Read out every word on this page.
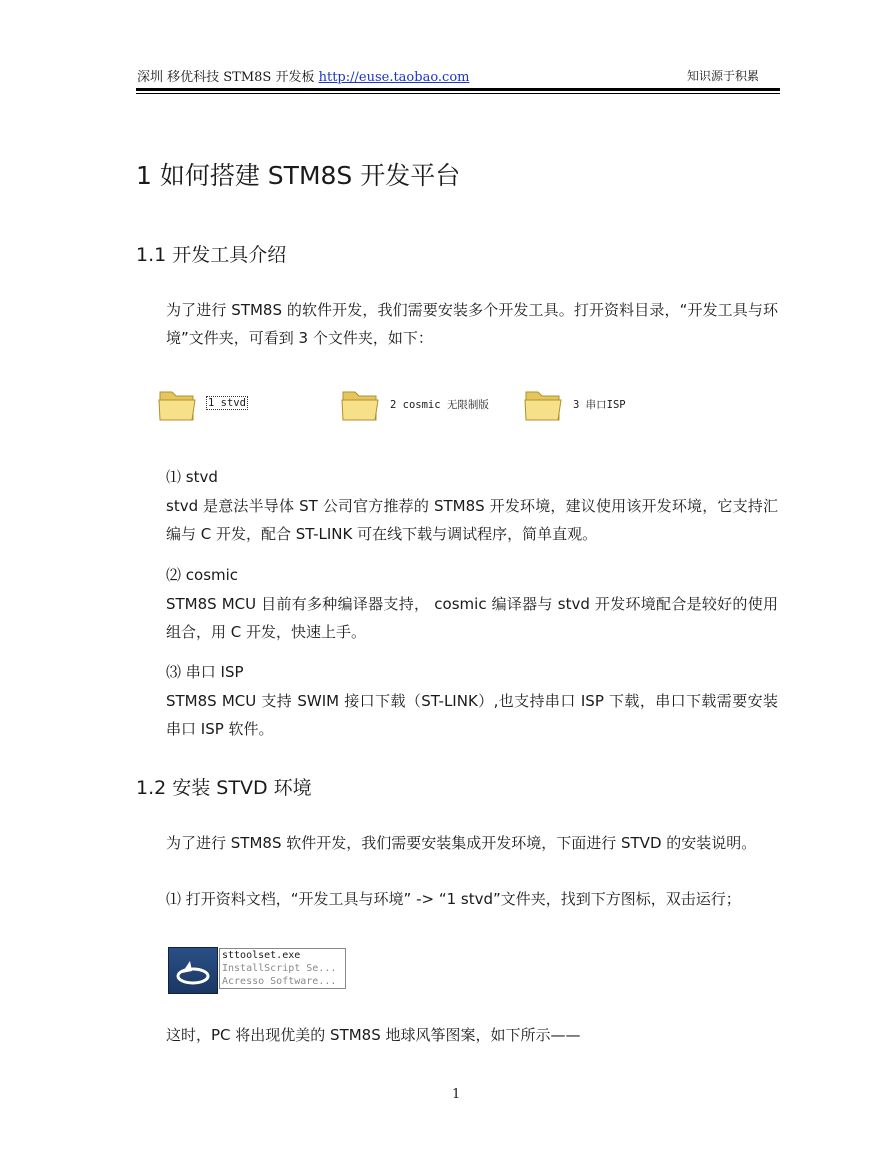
深圳 移优科技 STM8S 开发板 http://euse.taobao.com	知识源于积累
1 如何搭建 STM8S 开发平台
1.1 开发工具介绍
为了进行 STM8S 的软件开发，我们需要安装多个开发工具。打开资料目录，“开发工具与环境”文件夹，可看到 3 个文件夹，如下：
1 stvd	2 cosmic 无限制版	3 串口ISP
⑴ stvd
stvd 是意法半导体 ST 公司官方推荐的 STM8S 开发环境，建议使用该开发环境，它支持汇编与 C 开发，配合 ST-LINK 可在线下载与调试程序，简单直观。
⑵ cosmic
STM8S MCU 目前有多种编译器支持， cosmic 编译器与 stvd 开发环境配合是较好的使用组合，用 C 开发，快速上手。
⑶ 串口 ISP
STM8S MCU 支持 SWIM 接口下载（ST-LINK）,也支持串口 ISP 下载，串口下载需要安装串口 ISP 软件。
1.2 安装 STVD 环境
为了进行 STM8S 软件开发，我们需要安装集成开发环境，下面进行 STVD 的安装说明。
⑴ 打开资料文档，“开发工具与环境” -> “1 stvd”文件夹，找到下方图标，双击运行；
sttoolset.exe
InstallScript Se...
Acresso Software...
这时，PC 将出现优美的 STM8S 地球风筝图案，如下所示——
1
